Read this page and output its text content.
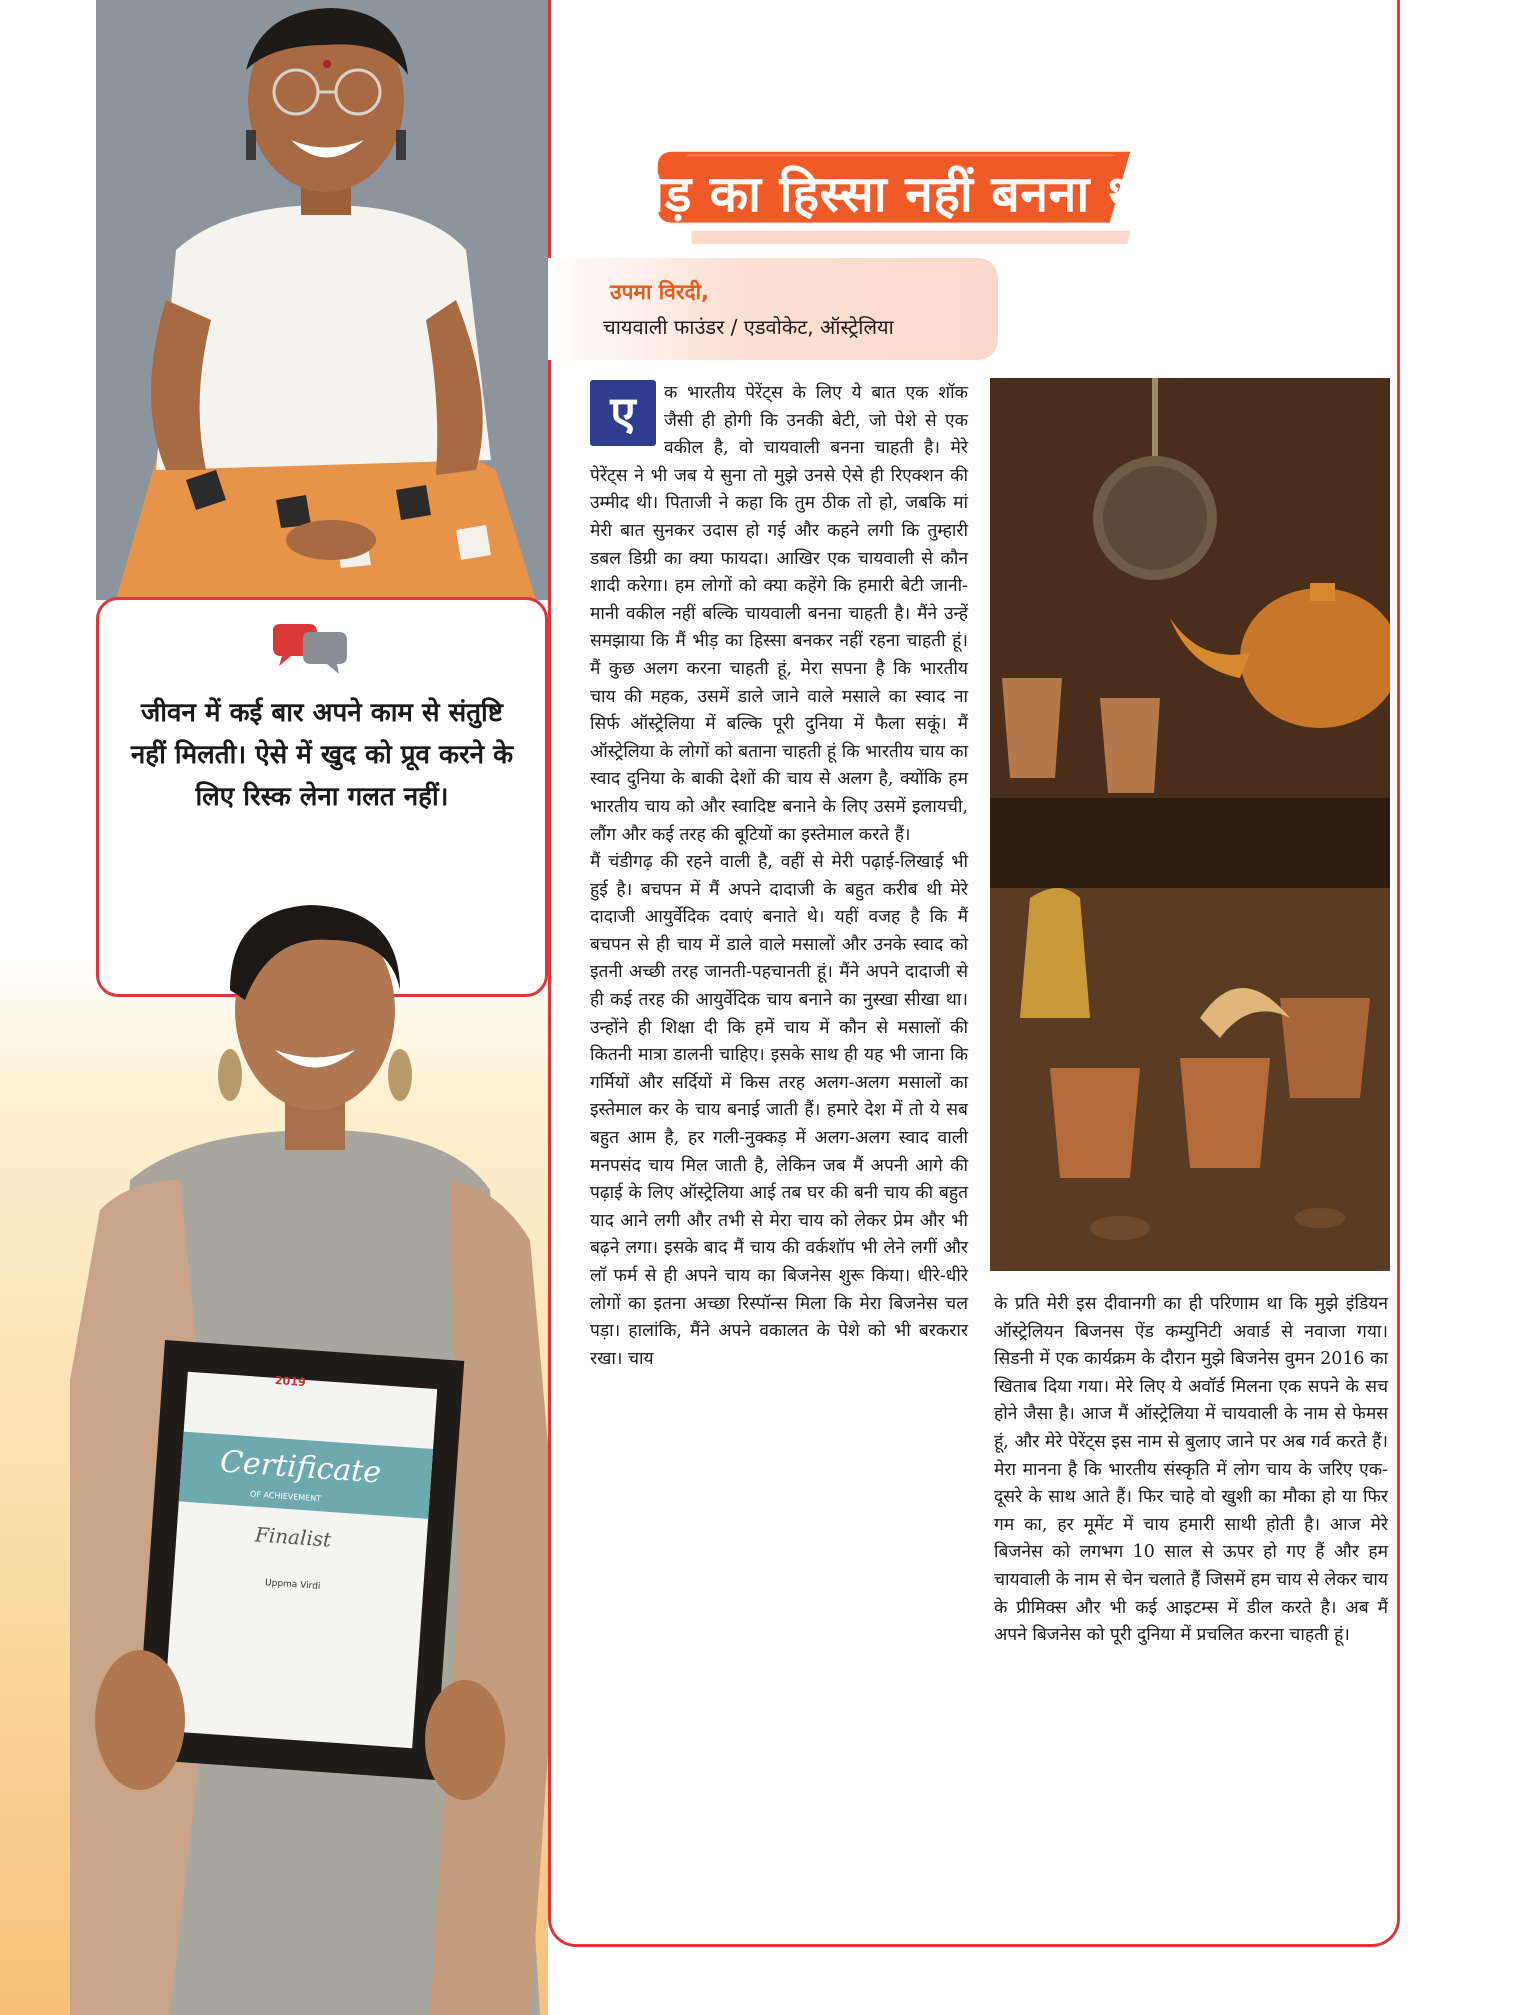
जीवन में कई बार अपने काम से संतुष्टि नहीं मिलती। ऐसे में खुद को प्रूव करने के लिए रिस्क लेना गलत नहीं।
2019
Certificate
OF ACHIEVEMENT
Finalist
Uppma Virdi
भीड़ का हिस्सा नहीं बनना था..
उपमा विरदी,
चायवाली फाउंडर / एडवोकेट, ऑस्ट्रेलिया
ए	क भारतीय पेरेंट्स के लिए ये बात एक शॉक जैसी ही होगी कि उनकी बेटी, जो पेशे से एक वकील है, वो चायवाली बनना चाहती है। मेरे पेरेंट्स ने भी जब ये सुना तो मुझे उनसे ऐसे ही रिएक्शन की उम्मीद थी। पिताजी ने कहा कि तुम ठीक तो हो, जबकि मां मेरी बात सुनकर उदास हो गई और कहने लगी कि तुम्हारी डबल डिग्री का क्या फायदा। आखिर एक चायवाली से कौन शादी करेगा। हम लोगों को क्या कहेंगे कि हमारी बेटी जानी-मानी वकील नहीं बल्कि चायवाली बनना चाहती है। मैंने उन्हें समझाया कि मैं भीड़ का हिस्सा बनकर नहीं रहना चाहती हूं। मैं कुछ अलग करना चाहती हूं, मेरा सपना है कि भारतीय चाय की महक, उसमें डाले जाने वाले मसाले का स्वाद ना सिर्फ ऑस्ट्रेलिया में बल्कि पूरी दुनिया में फैला सकूं। मैं ऑस्ट्रेलिया के लोगों को बताना चाहती हूं कि भारतीय चाय का स्वाद दुनिया के बाकी देशों की चाय से अलग है, क्योंकि हम भारतीय चाय को और स्वादिष्ट बनाने के लिए उसमें इलायची, लौंग और कई तरह की बूटियों का इस्तेमाल करते हैं।

मैं चंडीगढ़ की रहने वाली है, वहीं से मेरी पढ़ाई-लिखाई भी हुई है। बचपन में मैं अपने दादाजी के बहुत करीब थी मेरे दादाजी आयुर्वेदिक दवाएं बनाते थे। यहीं वजह है कि मैं बचपन से ही चाय में डाले वाले मसालों और उनके स्वाद को इतनी अच्छी तरह जानती-पहचानती हूं। मैंने अपने दादाजी से ही कई तरह की आयुर्वेदिक चाय बनाने का नुस्खा सीखा था। उन्होंने ही शिक्षा दी कि हमें चाय में कौन से मसालों की कितनी मात्रा डालनी चाहिए। इसके साथ ही यह भी जाना कि गर्मियों और सर्दियों में किस तरह अलग-अलग मसालों का इस्तेमाल कर के चाय बनाई जाती हैं। हमारे देश में तो ये सब बहुत आम है, हर गली-नुक्कड़ में अलग-अलग स्वाद वाली मनपसंद चाय मिल जाती है, लेकिन जब मैं अपनी आगे की पढ़ाई के लिए ऑस्ट्रेलिया आई तब घर की बनी चाय की बहुत याद आने लगी और तभी से मेरा चाय को लेकर प्रेम और भी बढ़ने लगा। इसके बाद मैं चाय की वर्कशॉप भी लेने लगीं और लॉ फर्म से ही अपने चाय का बिजनेस शुरू किया। धीरे-धीरे लोगों का इतना अच्छा रिस्पॉन्स मिला कि मेरा बिजनेस चल पड़ा। हालांकि, मैंने अपने वकालत के पेशे को भी बरकरार रखा। चाय

के प्रति मेरी इस दीवानगी का ही परिणाम था कि मुझे इंडियन ऑस्ट्रेलियन बिजनस ऐंड कम्युनिटी अवार्ड से नवाजा गया। सिडनी में एक कार्यक्रम के दौरान मुझे बिजनेस वुमन 2016 का खिताब दिया गया। मेरे लिए ये अवॉर्ड मिलना एक सपने के सच होने जैसा है। आज मैं ऑस्ट्रेलिया में चायवाली के नाम से फेमस हूं, और मेरे पेरेंट्स इस नाम से बुलाए जाने पर अब गर्व करते हैं। मेरा मानना है कि भारतीय संस्कृति में लोग चाय के जरिए एक-दूसरे के साथ आते हैं। फिर चाहे वो खुशी का मौका हो या फिर गम का, हर मूमेंट में चाय हमारी साथी होती है। आज मेरे बिजनेस को लगभग 10 साल से ऊपर हो गए हैं और हम चायवाली के नाम से चेन चलाते हैं जिसमें हम चाय से लेकर चाय के प्रीमिक्स और भी कई आइटम्स में डील करते है। अब मैं अपने बिजनेस को पूरी दुनिया में प्रचलित करना चाहती हूं।
